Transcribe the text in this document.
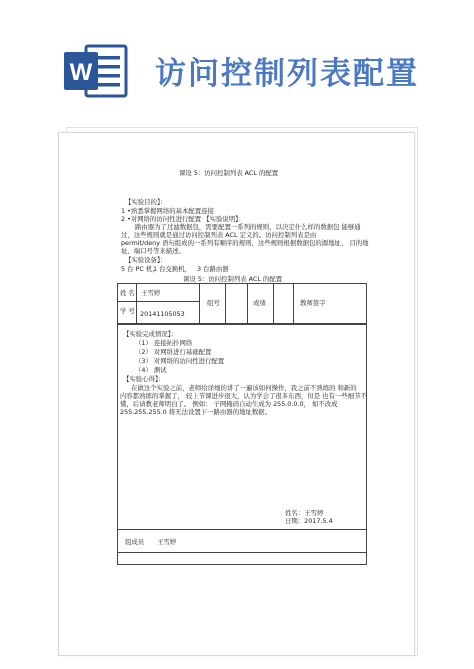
W 访问控制列表配置
课设 5：访问控制列表 ACL 的配置
【实验目的】：
1 •熟悉掌握网络的基本配置连接
2 •对网络的访问性进行配置 【实验说明】：
路由器为了过滤数据包，需要配置一系列的规则，以决定什么样的数据包 能够通
过，这些规则就是通过访问控制列表 ACL 定义的。访问控制列表是由
permit/deny 语句组成的一系列有顺序的规则，这些规则根据数据包的源地址、 目的地
址、端口号等来描述。
【实验设备】：
5 台 PC 机，
1 台交换机， 3 台路由器
课设 5：访问控制列表 ACL 的配置
姓 名 王雪婷
学 号 20141105053
组号	成绩	教师签字
【实验完成情况】：
（1） 连接拓扑网络
（2） 对网络进行基础配置
（3） 对网络的访问性进行配置
（4） 测试
【实验心得】：
在做这个实验之前，老师给详细的讲了一遍该如何操作，我之前不熟练的 和新的
内容都熟练的掌握了， 较上节课进步很大，认为学会了很多东西，但是 也有一些细节不
懂，后请教老师明白了。 例如： 子网掩码自动生成为 255.0.0.0， 如不改成
255.255.255.0 将无法设置下一路由器的地址数据。
姓名：王雪婷
日期：2017.5.4
组成员 王雪婷
